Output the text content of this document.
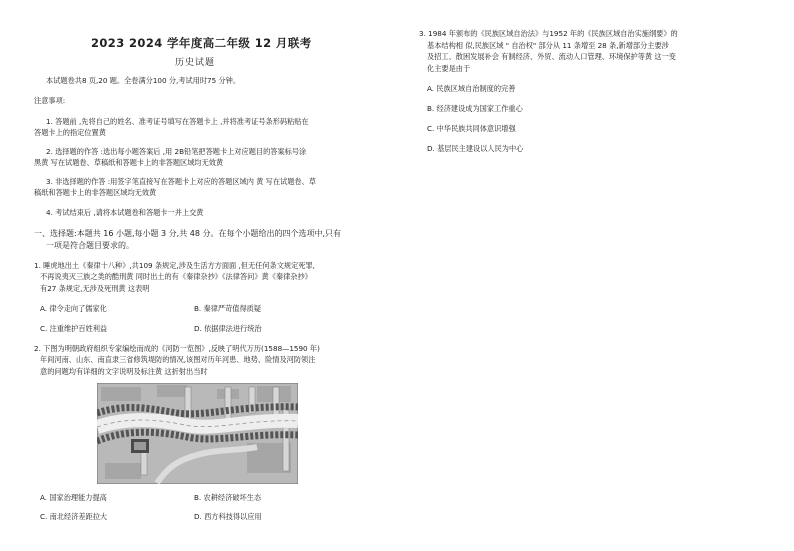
2023 2024 学年度高二年级 12 月联考
历史试题
本试题卷共8 页,20 题。全卷满分100 分,考试用时75 分钟。
注意事项:
1. 答题前 ,先将自己的姓名、准考证号填写在答题卡上 ,并将准考证号条形码粘贴在
答题卡上的指定位置黄
2. 选择题的作答 :选出每小题答案后 ,用 2B铅笔把答题卡上对应题目的答案标号涂
黑黄 写在试题卷、草稿纸和答题卡上的非答题区域均无效黄
3. 非选择题的作答 :用签字笔直接写在答题卡上对应的答题区域内 黄 写在试题卷、草
稿纸和答题卡上的非答题区域均无效黄
4. 考试结束后 ,请将本试题卷和答题卡一并上交黄
一、选择题:本题共 16 小题,每小题 3 分,共 48 分。在每个小题给出的四个选项中,只有
一项是符合题目要求的。
1. 睡虎地出土《秦律十八种》,共109 条规定,涉及生活方方面面 ,但无任何条文规定死罪,
不再说夷灭三族之类的酷刑黄 同时出土的有《秦律杂抄》《法律答问》黄《秦律杂抄》
有27 条规定,无涉及死刑黄 这表明
A. 律令走向了儒家化	B. 秦律严苛值得质疑
C. 注重维护百姓利益	D. 依据律法进行统治
2. 下图为明朝政府组织专家编绘而成的《河防一览图》,反映了明代万历(1588—1590 年)
年间河南、山东、南直隶三省修筑堤防的情况,该图对历年河患、地势、险情及河防领注
意的问题均有详细的文字说明及标注黄 这折射出当时
A. 国家治理能力提高	B. 农耕经济破坏生态
C. 南北经济差距拉大	D. 西方科技得以应用
3. 1984 年颁布的《民族区域自治法》与1952 年的《民族区域自治实施纲要》的
基本结构相 似,民族区域 " 自治权" 部分从 11 条增至 28 条,新增部分主要涉
及招工、散困发展补会 有制经济、外贸、流动人口管理、环境保护等黄 这一变
化主要是由于
A. 民族区域自治制度的完善
B. 经济建设成为国家工作重心
C. 中华民族共同体意识增强
D. 基层民主建设以人民为中心
